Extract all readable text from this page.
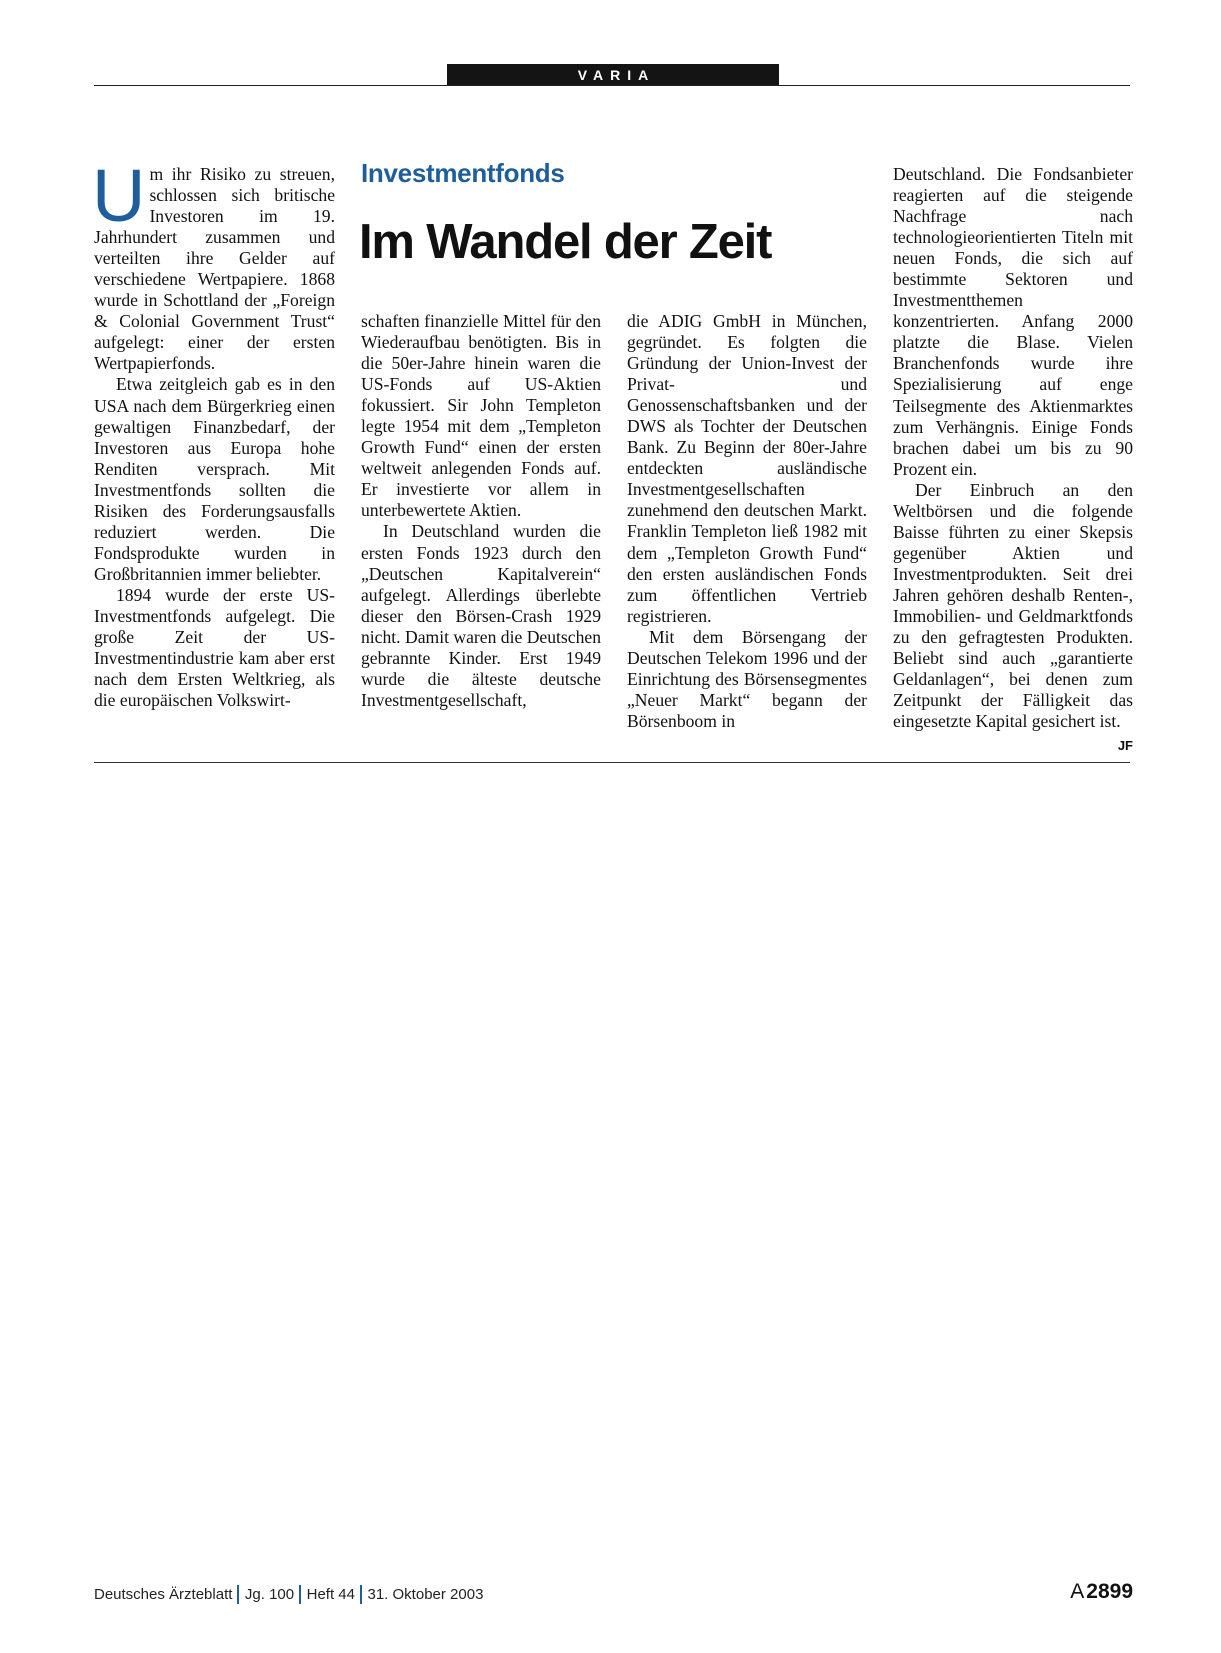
VARIA
Investmentfonds
Im Wandel der Zeit

Um ihr Risiko zu streuen, schlossen sich britische Investoren im 19. Jahrhundert zusammen und verteilten ihre Gelder auf verschiedene Wertpapiere. 1868 wurde in Schottland der „Foreign & Colonial Government Trust“ aufgelegt: einer der ersten Wertpapierfonds.

Etwa zeitgleich gab es in den USA nach dem Bürgerkrieg einen gewaltigen Finanzbedarf, der Investoren aus Europa hohe Renditen versprach. Mit Investmentfonds sollten die Risiken des Forderungsausfalls reduziert werden. Die Fondsprodukte wurden in Großbritannien immer beliebter.

1894 wurde der erste US-Investmentfonds aufgelegt. Die große Zeit der US-Investmentindustrie kam aber erst nach dem Ersten Weltkrieg, als die europäischen Volkswirt-

schaften finanzielle Mittel für den Wiederaufbau benötigten. Bis in die 50er-Jahre hinein waren die US-Fonds auf US-Aktien fokussiert. Sir John Templeton legte 1954 mit dem „Templeton Growth Fund“ einen der ersten weltweit anlegenden Fonds auf. Er investierte vor allem in unterbewertete Aktien.

In Deutschland wurden die ersten Fonds 1923 durch den „Deutschen Kapitalverein“ aufgelegt. Allerdings überlebte dieser den Börsen-Crash 1929 nicht. Damit waren die Deutschen gebrannte Kinder. Erst 1949 wurde die älteste deutsche Investmentgesellschaft,

die ADIG GmbH in München, gegründet. Es folgten die Gründung der Union-Invest der Privat- und Genossenschaftsbanken und der DWS als Tochter der Deutschen Bank. Zu Beginn der 80er-Jahre entdeckten ausländische Investmentgesellschaften zunehmend den deutschen Markt. Franklin Templeton ließ 1982 mit dem „Templeton Growth Fund“ den ersten ausländischen Fonds zum öffentlichen Vertrieb registrieren.

Mit dem Börsengang der Deutschen Telekom 1996 und der Einrichtung des Börsensegmentes „Neuer Markt“ begann der Börsenboom in

Deutschland. Die Fondsanbieter reagierten auf die steigende Nachfrage nach technologieorientierten Titeln mit neuen Fonds, die sich auf bestimmte Sektoren und Investmentthemen konzentrierten. Anfang 2000 platzte die Blase. Vielen Branchenfonds wurde ihre Spezialisierung auf enge Teilsegmente des Aktienmarktes zum Verhängnis. Einige Fonds brachen dabei um bis zu 90 Prozent ein.

Der Einbruch an den Weltbörsen und die folgende Baisse führten zu einer Skepsis gegenüber Aktien und Investmentprodukten. Seit drei Jahren gehören deshalb Renten-, Immobilien- und Geldmarktfonds zu den gefragtesten Produkten. Beliebt sind auch „garantierte Geldanlagen“, bei denen zum Zeitpunkt der Fälligkeit das eingesetzte Kapital gesichert ist.
JF

Deutsches Ärzteblatt Jg. 100 Heft 44 31. Oktober 2003	A2899
